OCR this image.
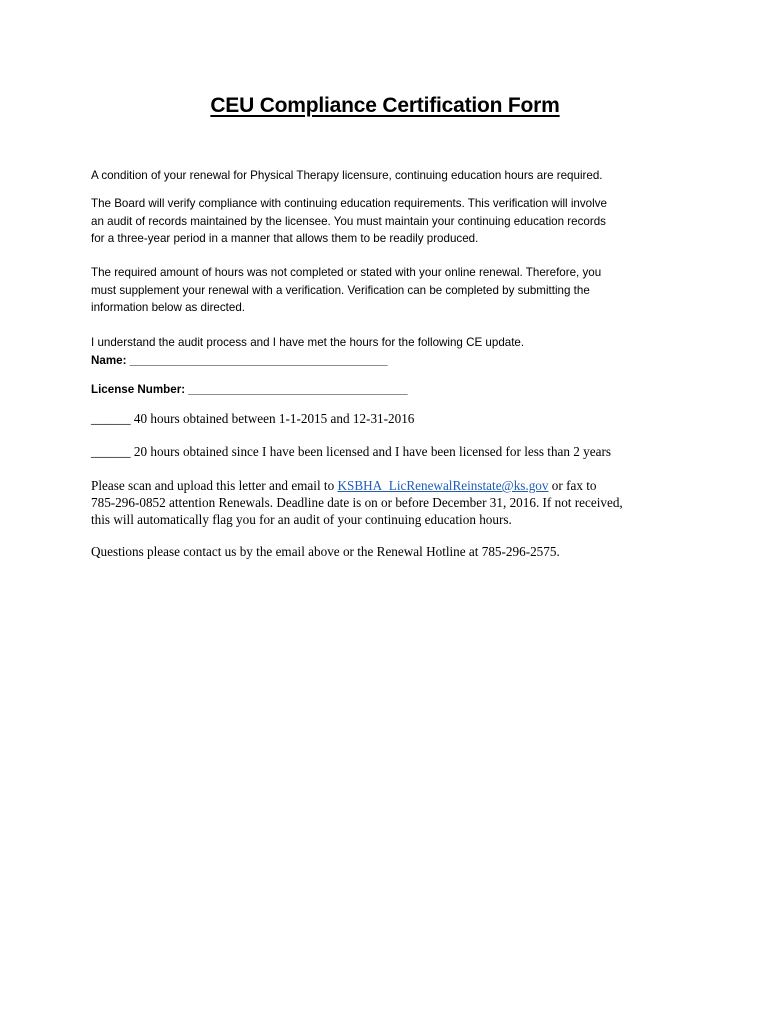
CEU Compliance Certification Form
A condition of your renewal for Physical Therapy licensure, continuing education hours are required.
The Board will verify compliance with continuing education requirements. This verification will involve
an audit of records maintained by the licensee. You must maintain your continuing education records
for a three-year period in a manner that allows them to be readily produced.
The required amount of hours was not completed or stated with your online renewal. Therefore, you
must supplement your renewal with a verification. Verification can be completed by submitting the
information below as directed.
I understand the audit process and I have met the hours for the following CE update.
Name: ________________________________________
License Number: __________________________________
______ 40 hours obtained between 1-1-2015 and 12-31-2016
______ 20 hours obtained since I have been licensed and I have been licensed for less than 2 years
Please scan and upload this letter and email to KSBHA_LicRenewalReinstate@ks.gov or fax to
785-296-0852 attention Renewals. Deadline date is on or before December 31, 2016. If not received,
this will automatically flag you for an audit of your continuing education hours.
Questions please contact us by the email above or the Renewal Hotline at 785-296-2575.
